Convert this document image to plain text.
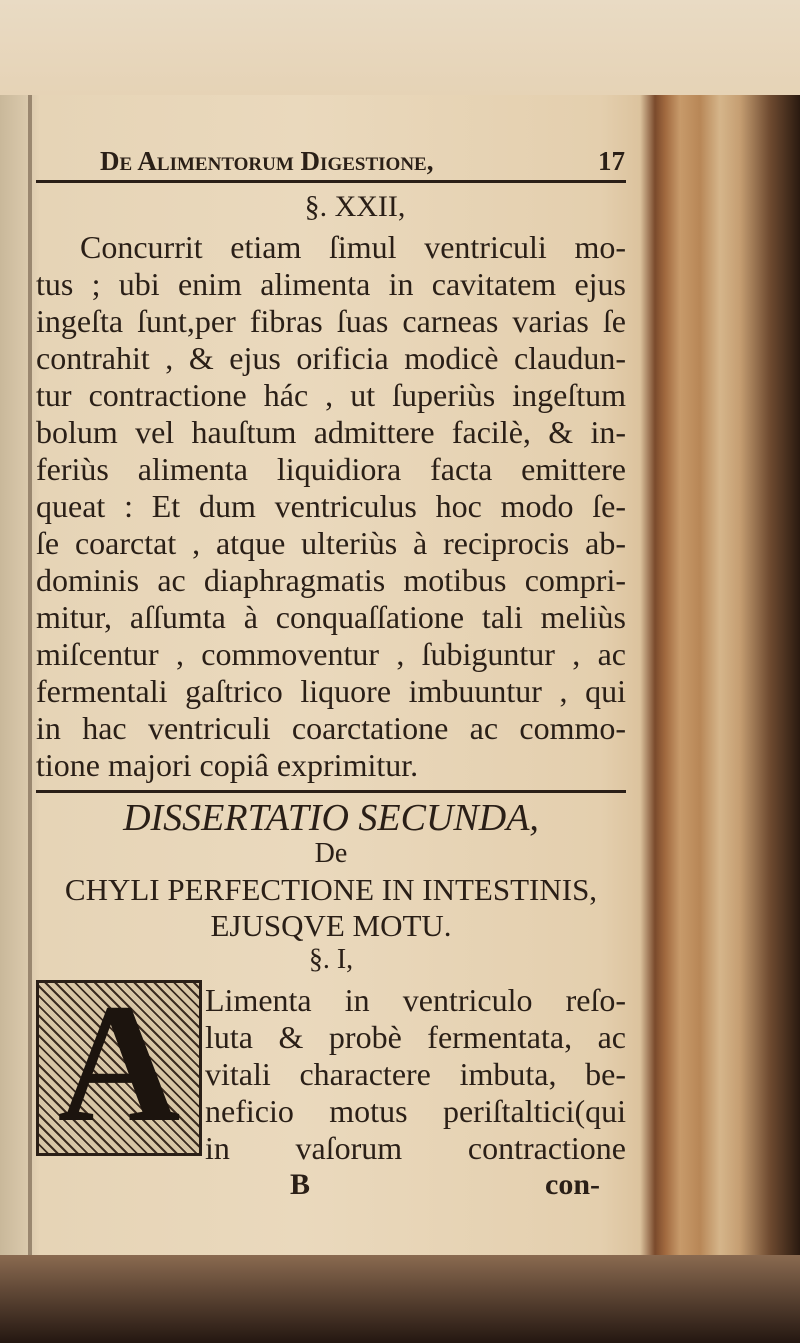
De Alimentorum Digestione,	17
§. XXII,
Concurrit etiam ſimul ventriculi mo-
tus ; ubi enim alimenta in cavitatem ejus
ingeſta ſunt,per fibras ſuas carneas varias ſe
contrahit , & ejus orificia modicè claudun-
tur contractione hác , ut ſuperiùs ingeſtum
bolum vel hauſtum admittere facilè, & in-
feriùs alimenta liquidiora facta emittere
queat : Et dum ventriculus hoc modo ſe-
ſe coarctat , atque ulteriùs à reciprocis ab-
dominis ac diaphragmatis motibus compri-
mitur, aſſumta à conquaſſatione tali meliùs
miſcentur , commoventur , ſubiguntur , ac
fermentali gaſtrico liquore imbuuntur , qui
in hac ventriculi coarctatione ac commo-
tione majori copiâ exprimitur.
DISSERTATIO SECUNDA,
De
CHYLI PERFECTIONE IN INTESTINIS,
EJUSQVE MOTU.
§. I,
A Limenta in ventriculo reſo-
luta & probè fermentata, ac
vitali charactere imbuta, be-
neficio motus periſtaltici(qui
in vaſorum contractione
B	con-
